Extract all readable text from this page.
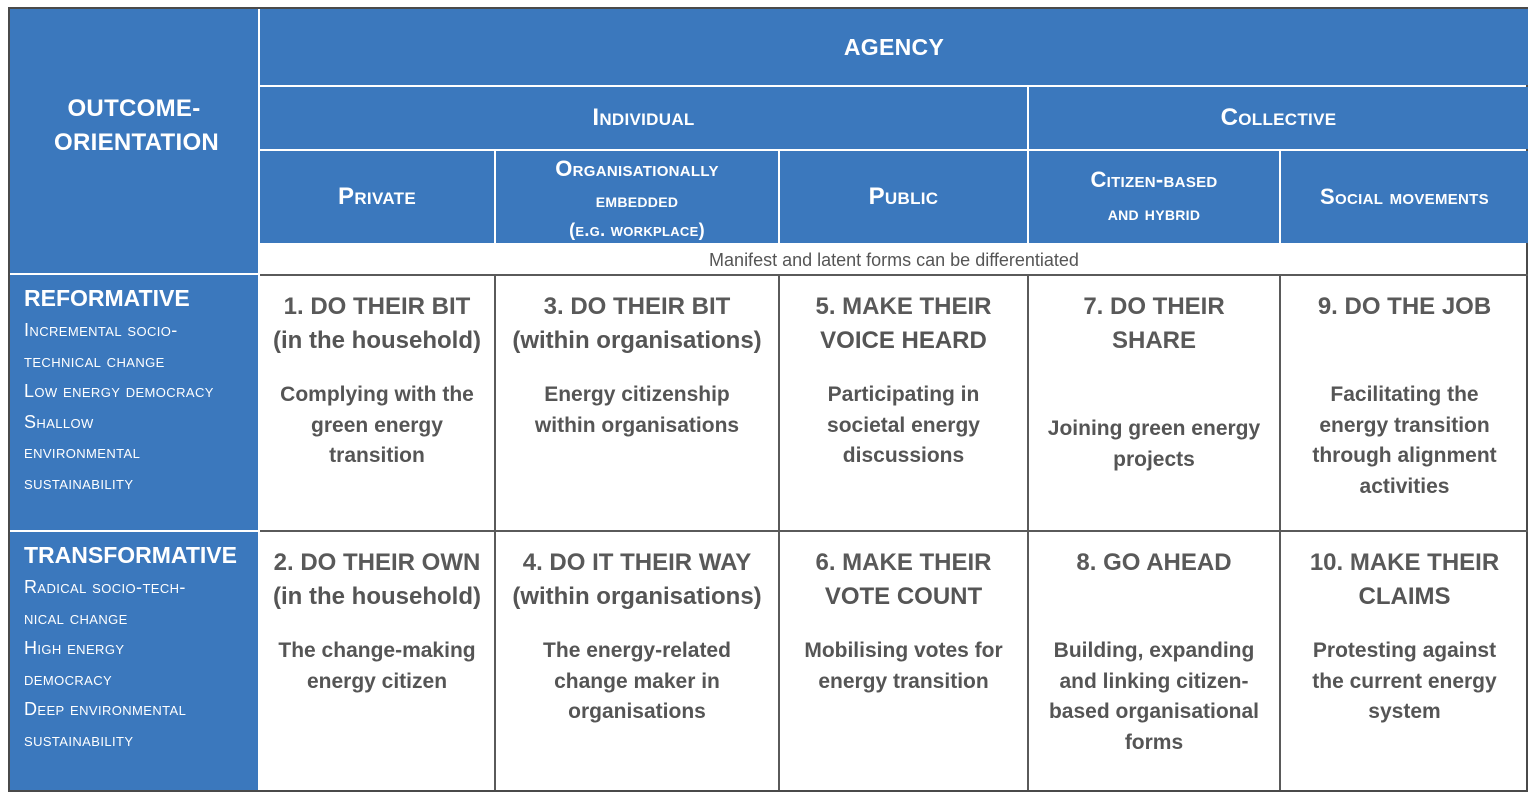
OUTCOME-ORIENTATION
AGENCY
Individual	Collective
Private
Organisationally
embedded
(e.g. workplace)
Public
Citizen-based
and hybrid
Social movements
Manifest and latent forms can be differentiated
REFORMATIVE
Incremental socio-
technical change
Low energy democracy
Shallow
environmental
sustainability
TRANSFORMATIVE
Radical socio-tech-
nical change
High energy
democracy
Deep environmental
sustainability
1. DO THEIR BIT
(in the household)
Complying with the
green energy
transition
3. DO THEIR BIT
(within organisations)
Energy citizenship
within organisations
5. MAKE THEIR
VOICE HEARD
Participating in
societal energy
discussions
7. DO THEIR SHARE
Joining green energy
projects
9. DO THE JOB
Facilitating the
energy transition
through alignment
activities
2. DO THEIR OWN
(in the household)
The change-making
energy citizen
4. DO IT THEIR WAY
(within organisations)
The energy-related
change maker in
organisations
6. MAKE THEIR
VOTE COUNT
Mobilising votes for
energy transition
8. GO AHEAD
Building, expanding
and linking citizen-
based organisational
forms
10. MAKE THEIR
CLAIMS
Protesting against
the current energy
system
